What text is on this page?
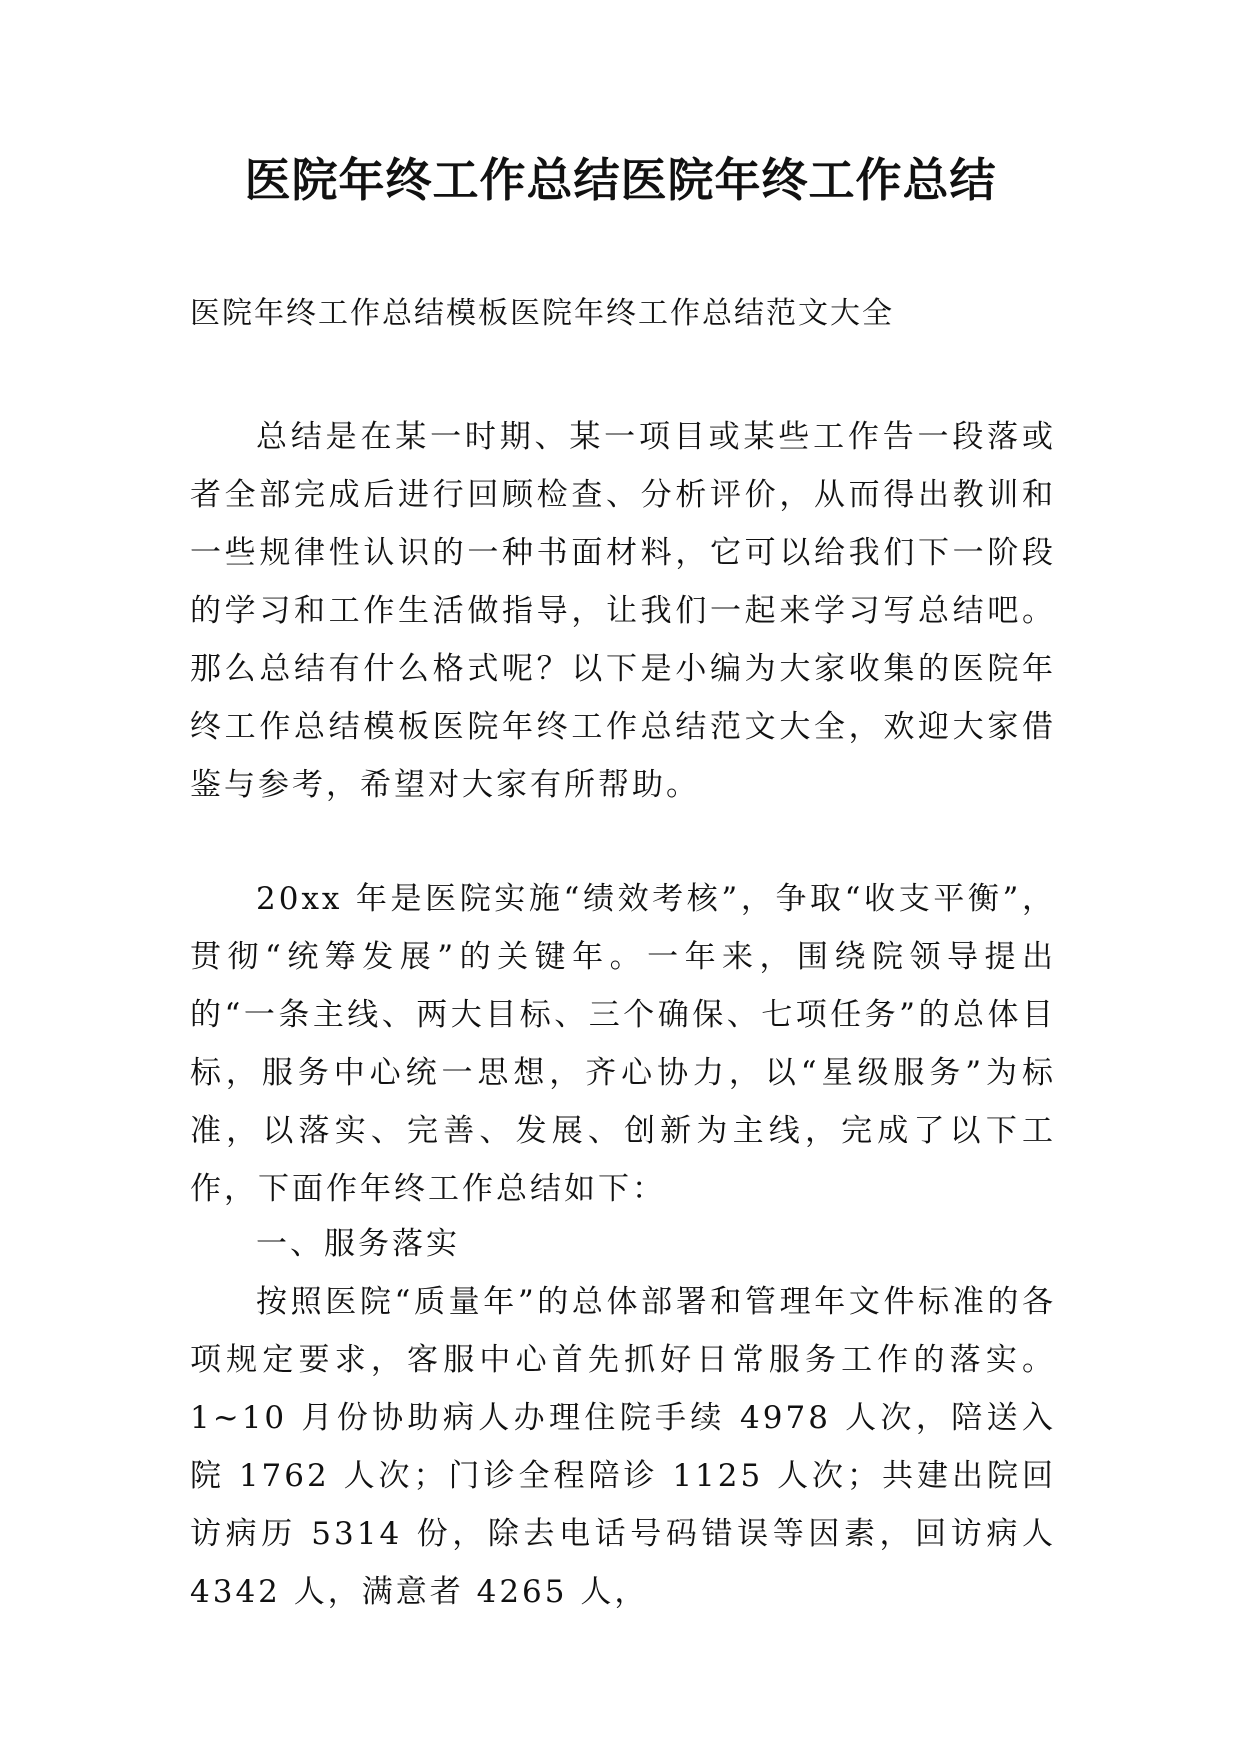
医院年终工作总结医院年终工作总结

医院年终工作总结模板医院年终工作总结范文大全

总结是在某一时期、某一项目或某些工作告一段落或者全部完成后进行回顾检查、分析评价，从而得出教训和一些规律性认识的一种书面材料，它可以给我们下一阶段的学习和工作生活做指导，让我们一起来学习写总结吧。那么总结有什么格式呢？以下是小编为大家收集的医院年终工作总结模板医院年终工作总结范文大全，欢迎大家借鉴与参考，希望对大家有所帮助。

20xx 年是医院实施“绩效考核”，争取“收支平衡”，贯彻“统筹发展”的关键年。一年来，围绕院领导提出的“一条主线、两大目标、三个确保、七项任务”的总体目标，服务中心统一思想，齐心协力，以“星级服务”为标准，以落实、完善、发展、创新为主线，完成了以下工作，下面作年终工作总结如下：

一、服务落实

按照医院“质量年”的总体部署和管理年文件标准的各项规定要求，客服中心首先抓好日常服务工作的落实。1~10 月份协助病人办理住院手续 4978 人次，陪送入院 1762 人次；门诊全程陪诊 1125 人次；共建出院回访病历 5314 份，除去电话号码错误等因素，回访病人 4342 人，满意者 4265 人，
